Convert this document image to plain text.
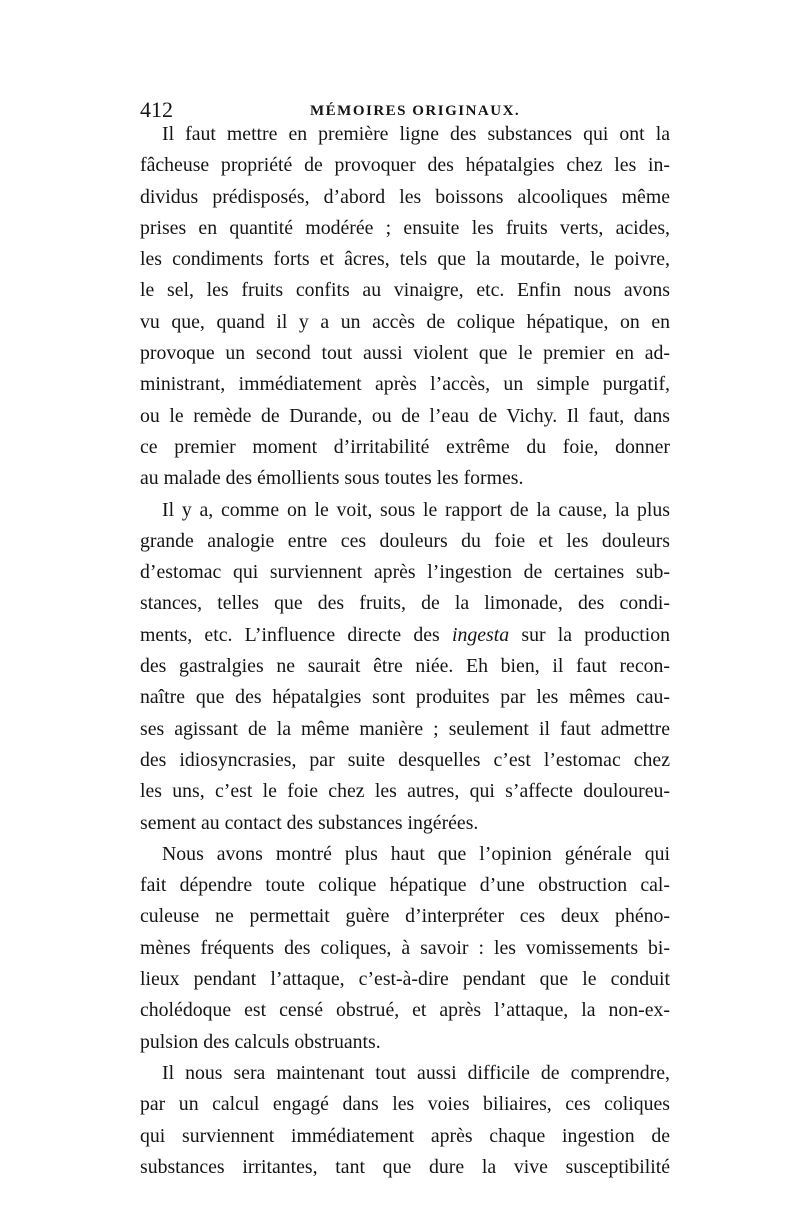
412	MÉMOIRES ORIGINAUX.
Il faut mettre en première ligne des substances qui ont la
fâcheuse propriété de provoquer des hépatalgies chez les in-
dividus prédisposés, d’abord les boissons alcooliques même
prises en quantité modérée ; ensuite les fruits verts, acides,
les condiments forts et âcres, tels que la moutarde, le poivre,
le sel, les fruits confits au vinaigre, etc. Enfin nous avons
vu que, quand il y a un accès de colique hépatique, on en
provoque un second tout aussi violent que le premier en ad-
ministrant, immédiatement après l’accès, un simple purgatif,
ou le remède de Durande, ou de l’eau de Vichy. Il faut, dans
ce premier moment d’irritabilité extrême du foie, donner
au malade des émollients sous toutes les formes.
Il y a, comme on le voit, sous le rapport de la cause, la plus
grande analogie entre ces douleurs du foie et les douleurs
d’estomac qui surviennent après l’ingestion de certaines sub-
stances, telles que des fruits, de la limonade, des condi-
ments, etc. L’influence directe des ingesta sur la production
des gastralgies ne saurait être niée. Eh bien, il faut recon-
naître que des hépatalgies sont produites par les mêmes cau-
ses agissant de la même manière ; seulement il faut admettre
des idiosyncrasies, par suite desquelles c’est l’estomac chez
les uns, c’est le foie chez les autres, qui s’affecte douloureu-
sement au contact des substances ingérées.
Nous avons montré plus haut que l’opinion générale qui
fait dépendre toute colique hépatique d’une obstruction cal-
culeuse ne permettait guère d’interpréter ces deux phéno-
mènes fréquents des coliques, à savoir : les vomissements bi-
lieux pendant l’attaque, c’est-à-dire pendant que le conduit
cholédoque est censé obstrué, et après l’attaque, la non-ex-
pulsion des calculs obstruants.
Il nous sera maintenant tout aussi difficile de comprendre,
par un calcul engagé dans les voies biliaires, ces coliques
qui surviennent immédiatement après chaque ingestion de
substances irritantes, tant que dure la vive susceptibilité
